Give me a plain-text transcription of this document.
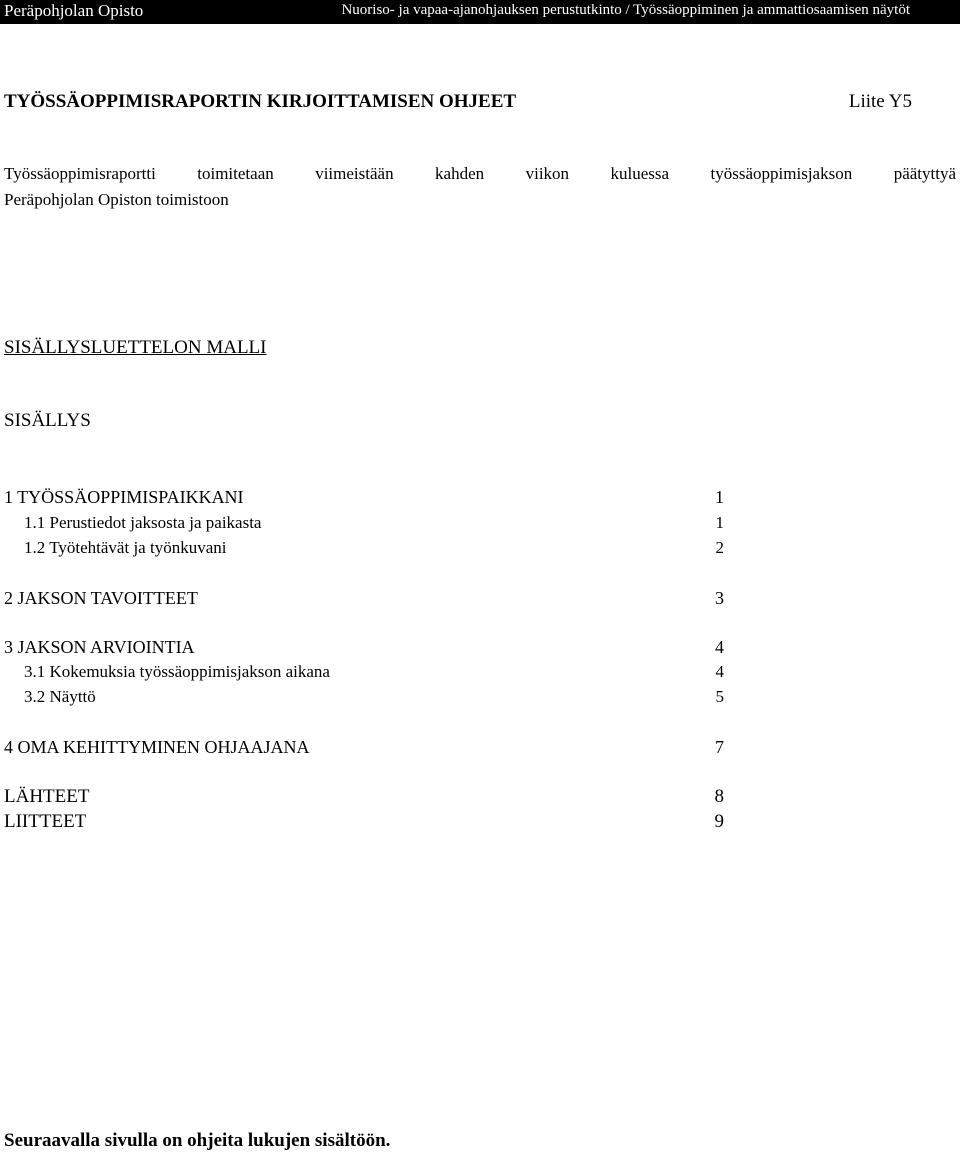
Peräpohjolan Opisto	Nuoriso- ja vapaa-ajanohjauksen perustutkinto / Työssäoppiminen ja ammattiosaamisen näytöt
TYÖSSÄOPPIMISRAPORTIN KIRJOITTAMISEN OHJEET	Liite Y5

Työssäoppimisraportti toimitetaan viimeistään kahden viikon kuluessa työssäoppimisjakson päätyttyä
Peräpohjolan Opiston toimistoon

SISÄLLYSLUETTELON MALLI
SISÄLLYS
1 TYÖSSÄOPPIMISPAIKKANI	1
1.1 Perustiedot jaksosta ja paikasta	1
1.2 Työtehtävät ja työnkuvani	2
2 JAKSON TAVOITTEET	3
3 JAKSON ARVIOINTIA	4
3.1 Kokemuksia työssäoppimisjakson aikana	4
3.2 Näyttö	5
4 OMA KEHITTYMINEN OHJAAJANA	7
LÄHTEET	8
LIITTEET	9
Seuraavalla sivulla on ohjeita lukujen sisältöön.
